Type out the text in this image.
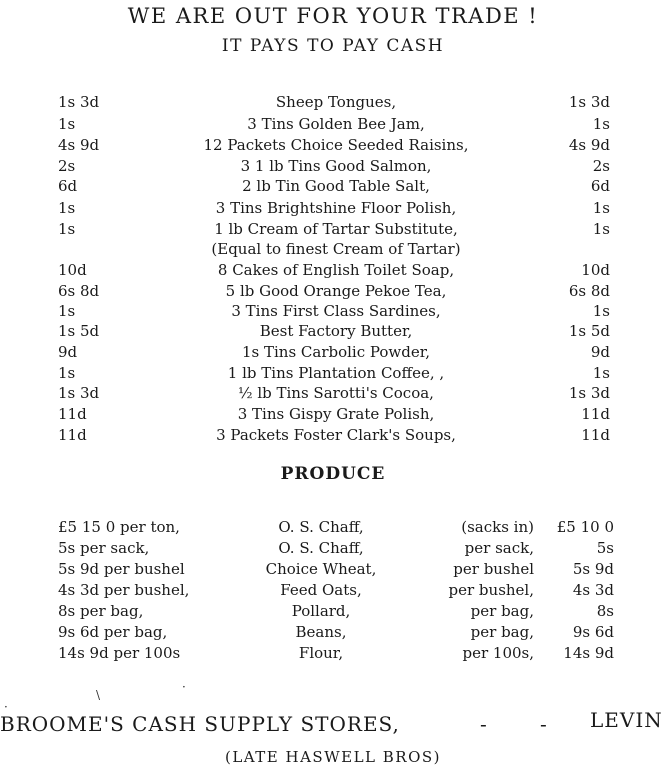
WE ARE OUT FOR YOUR TRADE !
IT PAYS TO PAY CASH
1s 3d	Sheep Tongues,	1s 3d
1s	3 Tins Golden Bee Jam,	1s
4s 9d	12 Packets Choice Seeded Raisins,	4s 9d
2s	3 1 lb Tins Good Salmon,	2s
6d	2 lb Tin Good Table Salt,	6d
1s	3 Tins Brightshine Floor Polish,	1s
1s	1 lb Cream of Tartar Substitute,	1s
(Equal to finest Cream of Tartar)
10d	8 Cakes of English Toilet Soap,	10d
6s 8d	5 lb Good Orange Pekoe Tea,	6s 8d
1s	3 Tins First Class Sardines,	1s
1s 5d	Best Factory Butter,	1s 5d
9d	1s Tins Carbolic Powder,	9d
1s	1 lb Tins Plantation Coffee, ,	1s
1s 3d	½ lb Tins Sarotti's Cocoa,	1s 3d
11d	3 Tins Gispy Grate Polish,	11d
11d	3 Packets Foster Clark's Soups,	11d
PRODUCE
£5 15 0 per ton,	O. S. Chaff,	(sacks in) £5 10 0
5s per sack,	O. S. Chaff,	per sack,	5s
5s 9d per bushel	Choice Wheat,	per bushel	5s 9d
4s 3d per bushel,	Feed Oats,	per bushel,	4s 3d
8s per bag,	Pollard,	per bag,	8s
9s 6d per bag,	Beans,	per bag,	9s 6d
14s 9d per 100s	Flour,	per 100s, 14s 9d
\
·
·
BROOME'S CASH SUPPLY STORES,	-	- LEVIN
(LATE HASWELL BROS)
